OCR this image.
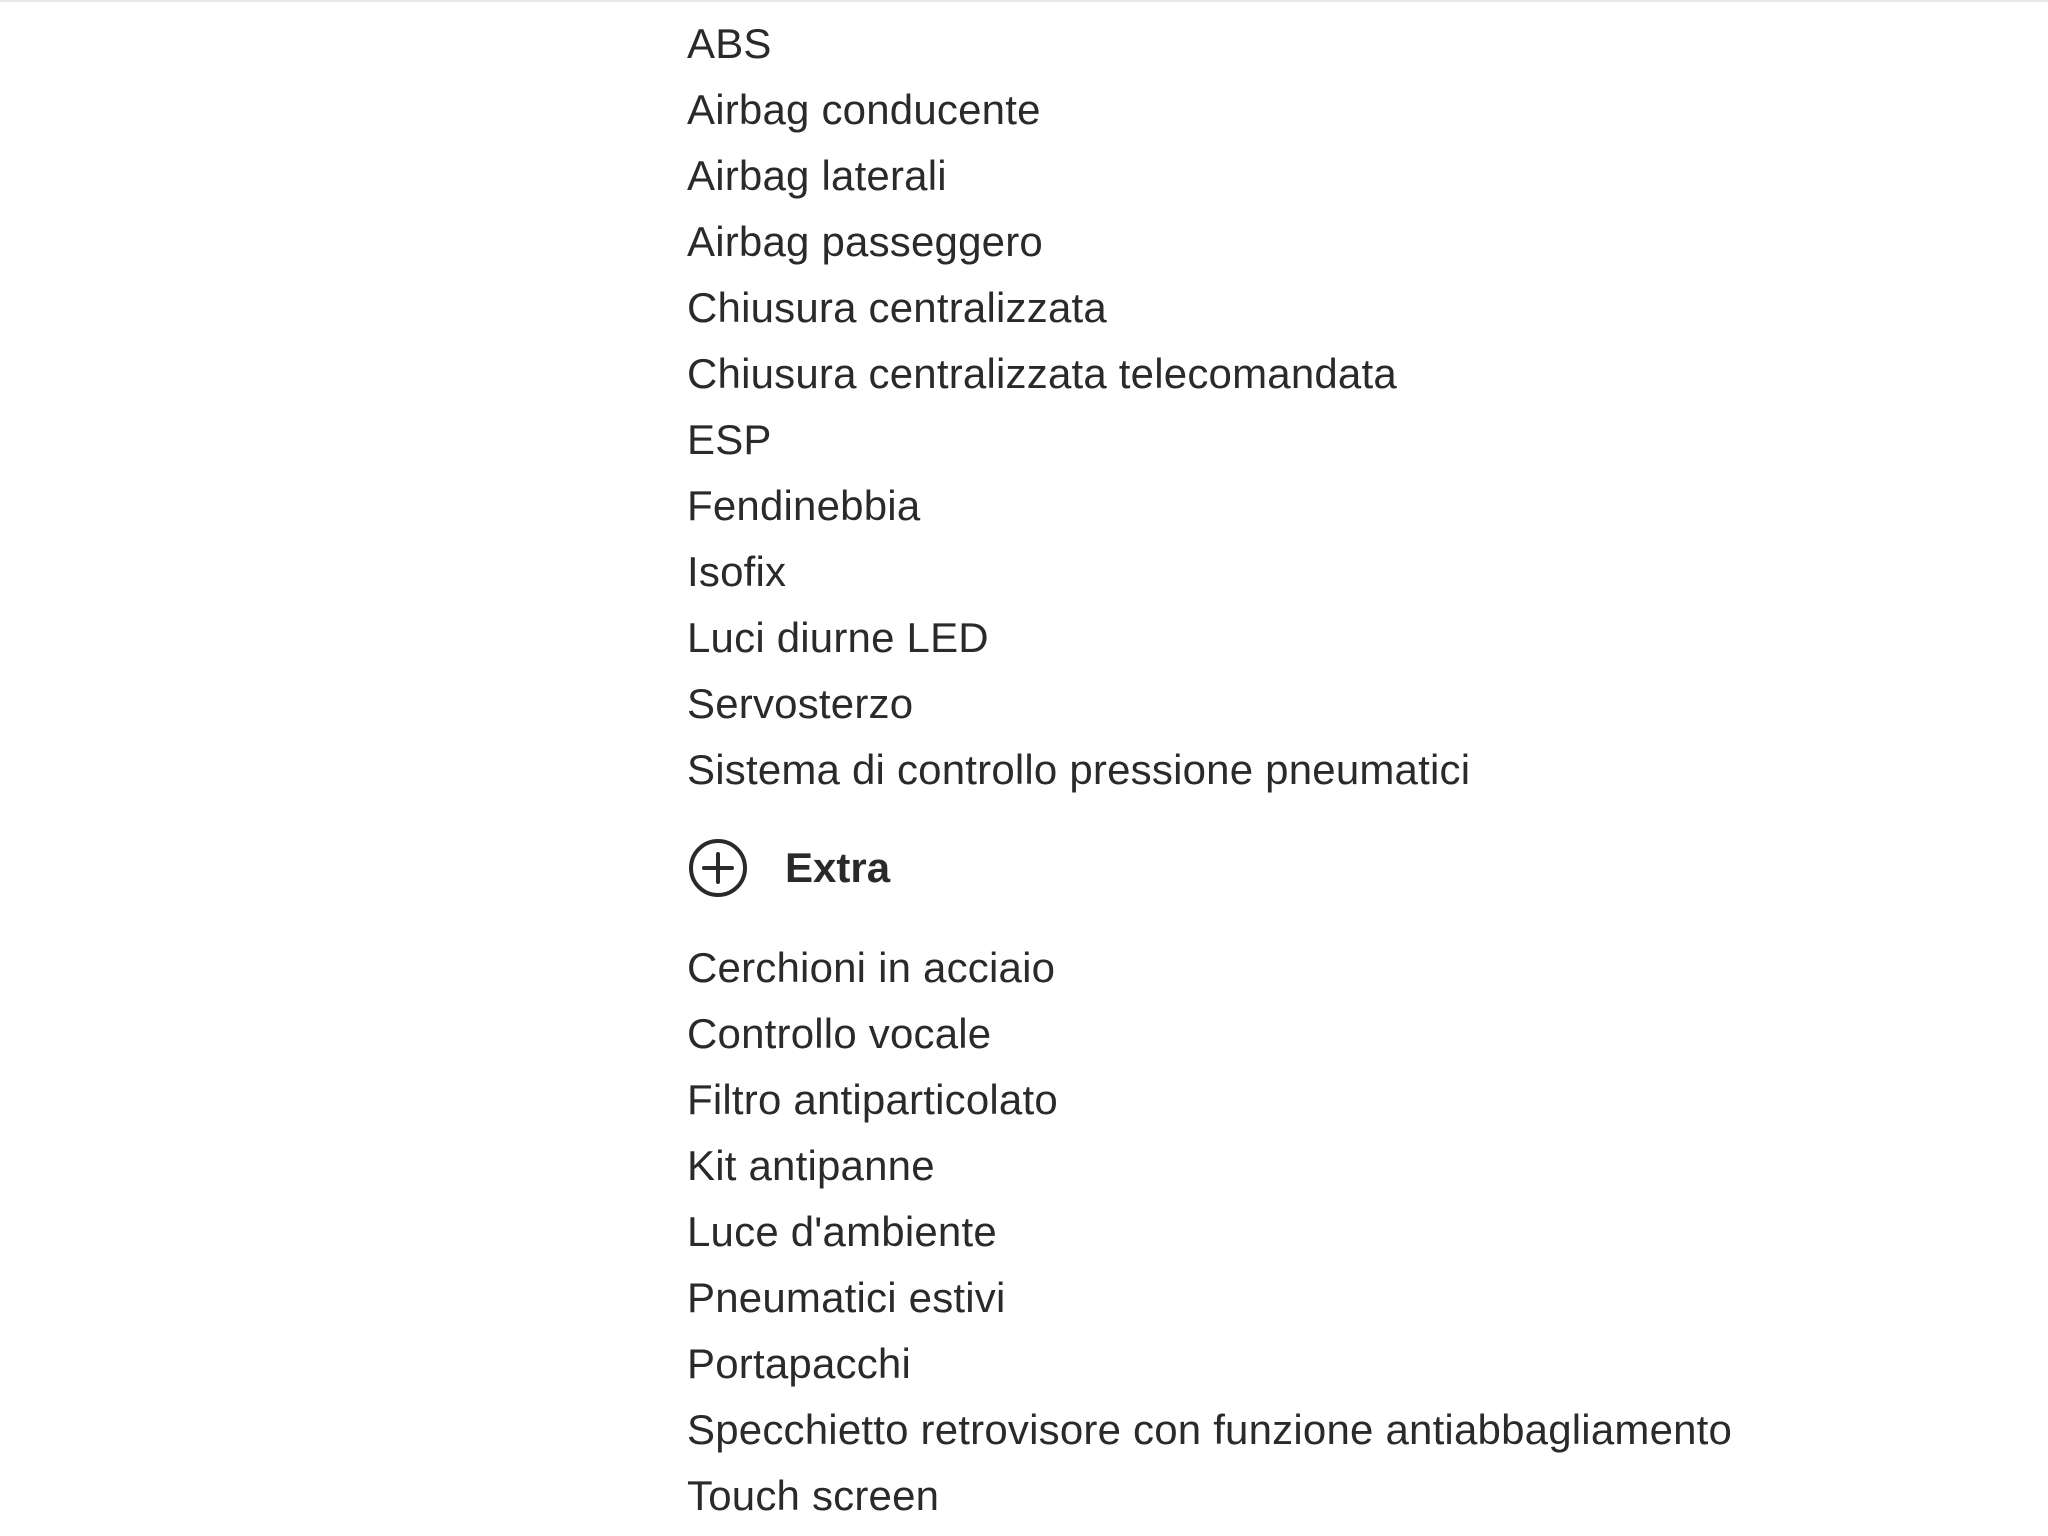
ABS
Airbag conducente
Airbag laterali
Airbag passeggero
Chiusura centralizzata
Chiusura centralizzata telecomandata
ESP
Fendinebbia
Isofix
Luci diurne LED
Servosterzo
Sistema di controllo pressione pneumatici
Extra
Cerchioni in acciaio
Controllo vocale
Filtro antiparticolato
Kit antipanne
Luce d'ambiente
Pneumatici estivi
Portapacchi
Specchietto retrovisore con funzione antiabbagliamento
Touch screen
